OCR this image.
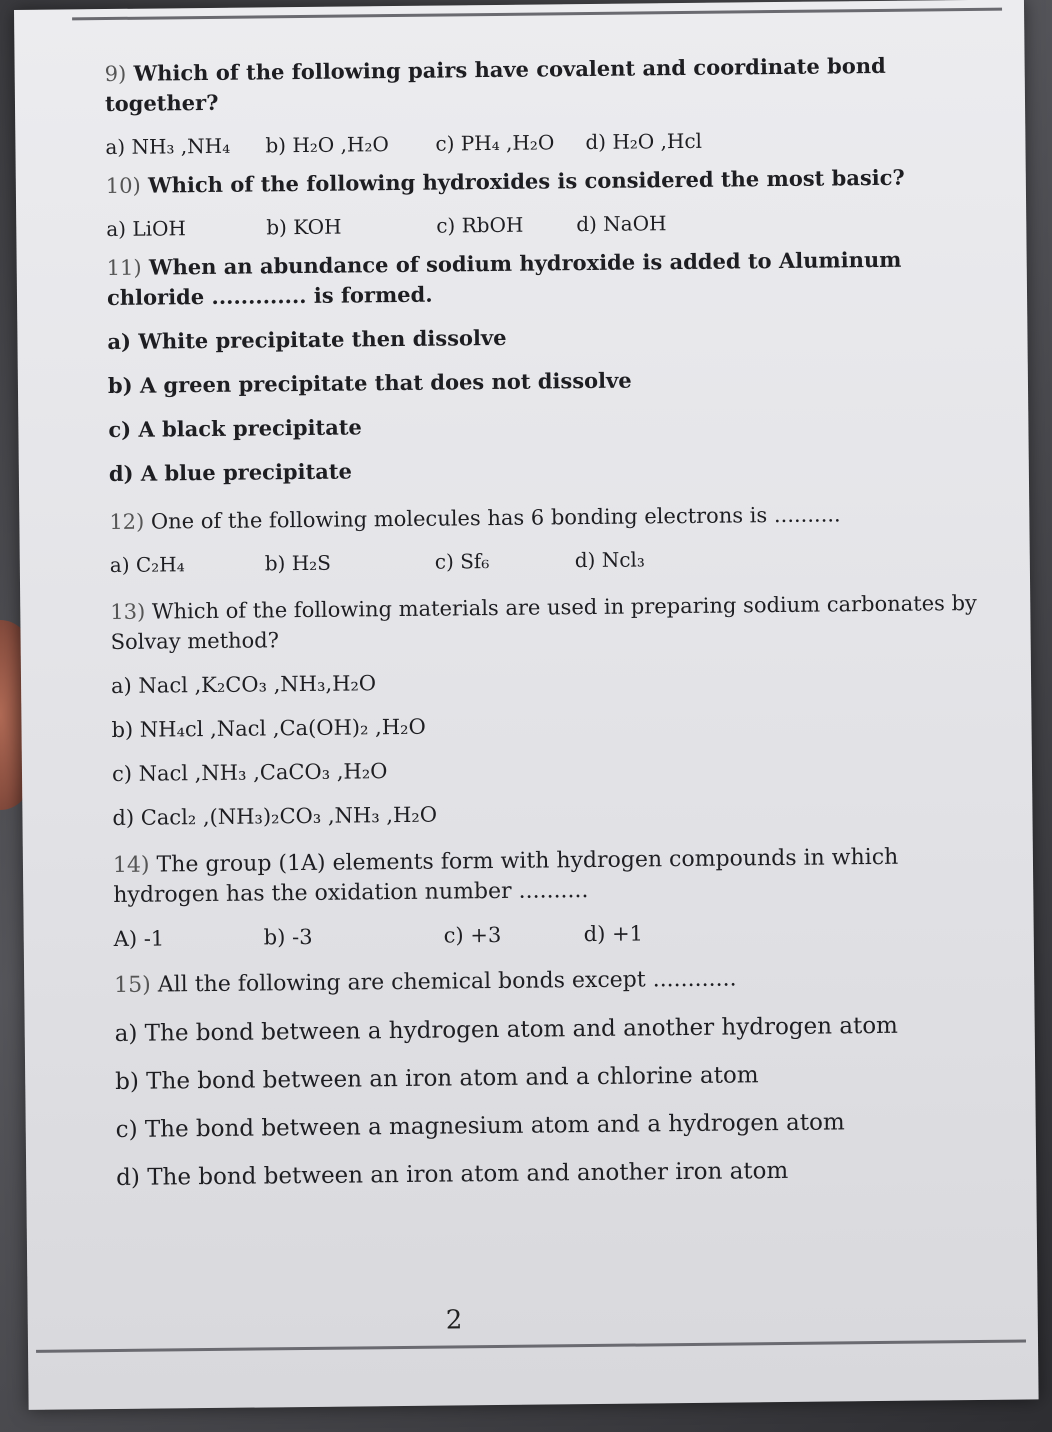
9) Which of the following pairs have covalent and coordinate bond together?
a) NH₃ ,NH₄	b) H₂O ,H₂O	c) PH₄ ,H₂O	d) H₂O ,Hcl
10) Which of the following hydroxides is considered the most basic?
a) LiOH	b) KOH	c) RbOH	d) NaOH
11) When an abundance of sodium hydroxide is added to Aluminum chloride ............. is formed.
a) White precipitate then dissolve
b) A green precipitate that does not dissolve
c) A black precipitate
d) A blue precipitate
12) One of the following molecules has 6 bonding electrons is ..........
a) C₂H₄	b) H₂S	c) Sf₆	d) Ncl₃
13) Which of the following materials are used in preparing sodium carbonates by Solvay method?
a) Nacl ,K₂CO₃ ,NH₃,H₂O
b) NH₄cl ,Nacl ,Ca(OH)₂ ,H₂O
c) Nacl ,NH₃ ,CaCO₃ ,H₂O
d) Cacl₂ ,(NH₃)₂CO₃ ,NH₃ ,H₂O
14) The group (1A) elements form with hydrogen compounds in which hydrogen has the oxidation number ..........
A) -1	b) -3	c) +3	d) +1
15) All the following are chemical bonds except ............
a) The bond between a hydrogen atom and another hydrogen atom
b) The bond between an iron atom and a chlorine atom
c) The bond between a magnesium atom and a hydrogen atom
d) The bond between an iron atom and another iron atom
2
